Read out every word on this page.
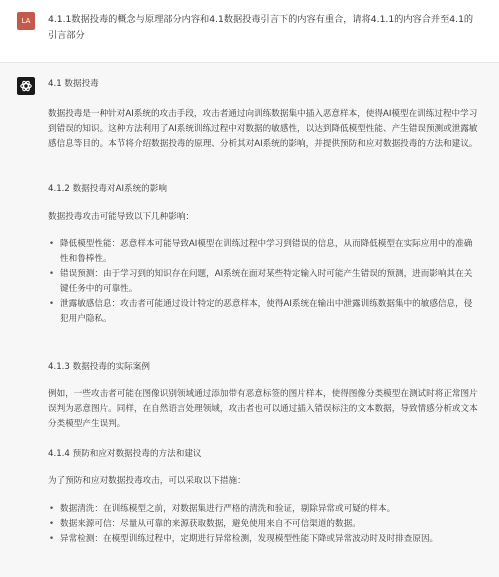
LA	4.1.1数据投毒的概念与原理部分内容和4.1数据投毒引言下的内容有重合，请将4.1.1的内容合并至4.1的引言部分

4.1 数据投毒

数据投毒是一种针对AI系统的攻击手段，攻击者通过向训练数据集中插入恶意样本，使得AI模型在训练过程中学习到错误的知识。这种方法利用了AI系统训练过程中对数据的敏感性，以达到降低模型性能、产生错误预测或泄露敏感信息等目的。本节将介绍数据投毒的原理、分析其对AI系统的影响，并提供预防和应对数据投毒的方法和建议。

4.1.2 数据投毒对AI系统的影响

数据投毒攻击可能导致以下几种影响：

• 降低模型性能：恶意样本可能导致AI模型在训练过程中学习到错误的信息，从而降低模型在实际应用中的准确性和鲁棒性。
• 错误预测：由于学习到的知识存在问题，AI系统在面对某些特定输入时可能产生错误的预测，进而影响其在关键任务中的可靠性。
• 泄露敏感信息：攻击者可能通过设计特定的恶意样本，使得AI系统在输出中泄露训练数据集中的敏感信息，侵犯用户隐私。

4.1.3 数据投毒的实际案例

例如，一些攻击者可能在图像识别领域通过添加带有恶意标签的图片样本，使得图像分类模型在测试时将正常图片误判为恶意图片。同样，在自然语言处理领域，攻击者也可以通过插入错误标注的文本数据，导致情感分析或文本分类模型产生误判。

4.1.4 预防和应对数据投毒的方法和建议

为了预防和应对数据投毒攻击，可以采取以下措施：

• 数据清洗：在训练模型之前，对数据集进行严格的清洗和验证，剔除异常或可疑的样本。
• 数据来源可信：尽量从可靠的来源获取数据，避免使用来自不可信渠道的数据。
• 异常检测：在模型训练过程中，定期进行异常检测，发现模型性能下降或异常波动时及时排查原因。
